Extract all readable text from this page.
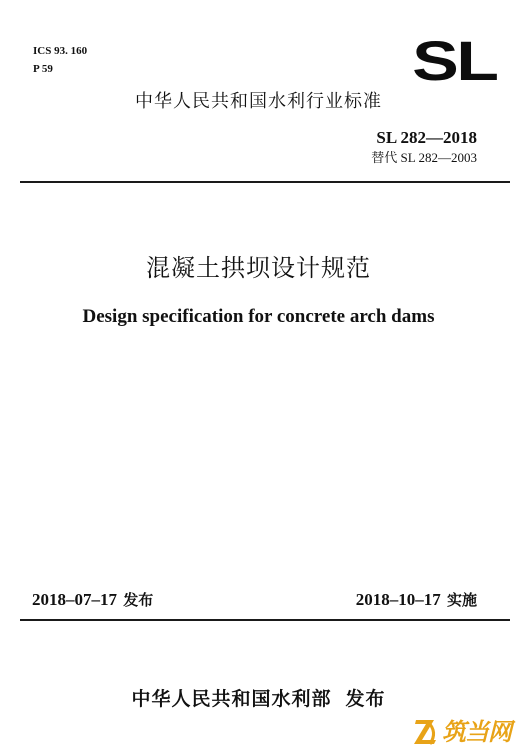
ICS 93. 160
P 59	SL
中华人民共和国水利行业标准
SL 282—2018
替代 SL 282—2003
混凝土拱坝设计规范
Design specification for concrete arch dams
2018–07–17 发布	2018–10–17 实施
中华人民共和国水利部 发布
筑当网
